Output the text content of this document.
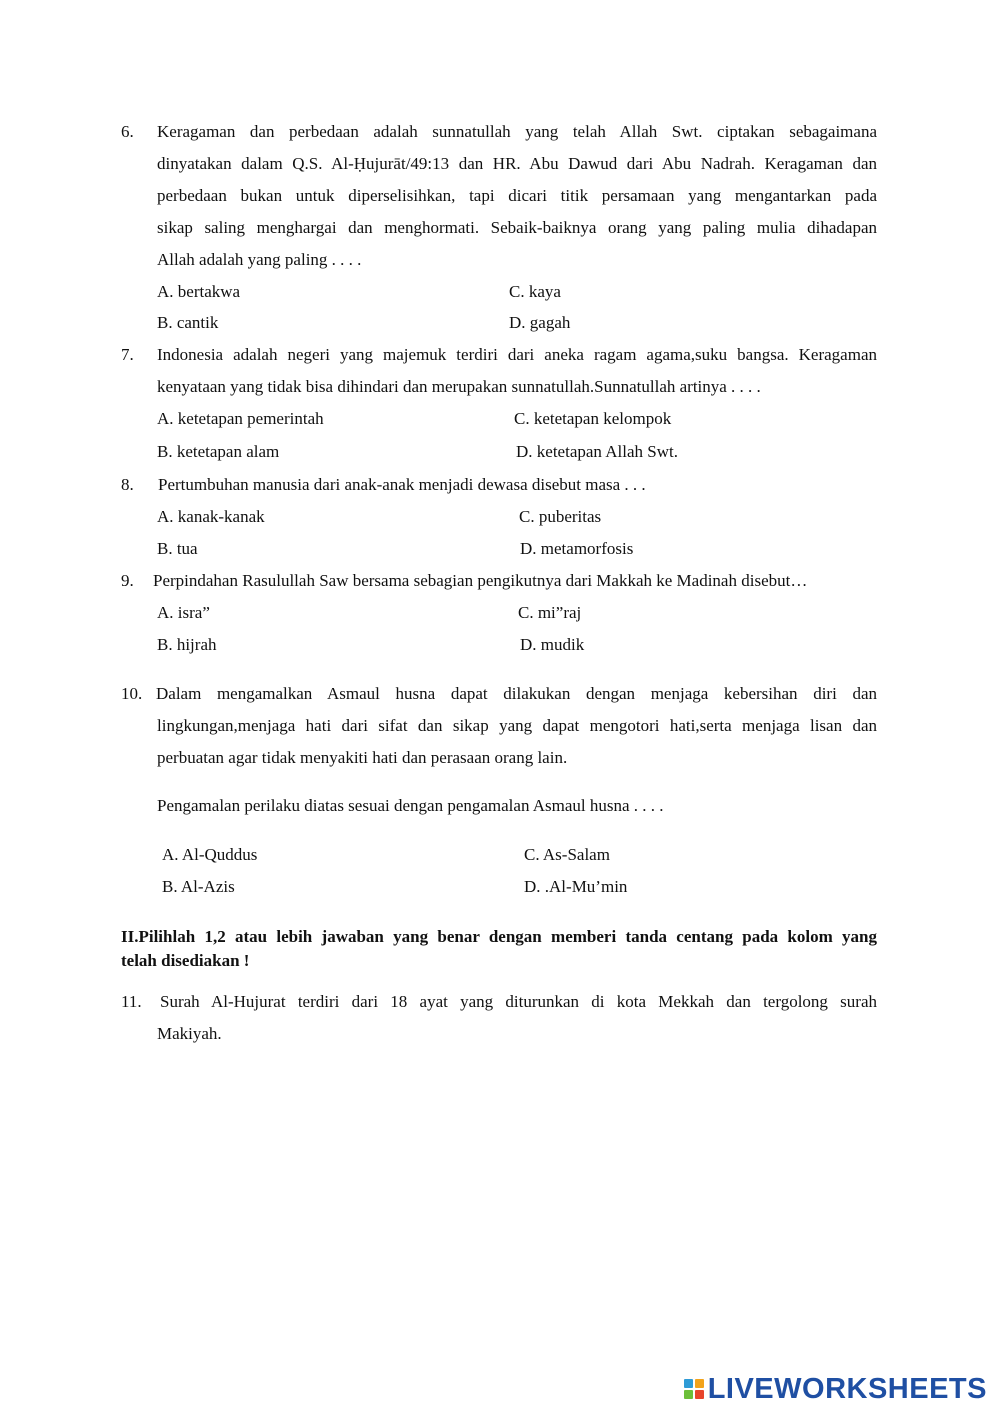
6. Keragaman dan perbedaan adalah sunnatullah yang telah Allah Swt. ciptakan sebagaimana
dinyatakan dalam Q.S. Al-Ḥujurāt/49:13 dan HR. Abu Dawud dari Abu Nadrah. Keragaman dan
perbedaan bukan untuk diperselisihkan, tapi dicari titik persamaan yang mengantarkan pada
sikap saling menghargai dan menghormati. Sebaik-baiknya orang yang paling mulia dihadapan
Allah adalah yang paling . . . .
A. bertakwa	C. kaya
B. cantik	D. gagah
7. Indonesia adalah negeri yang majemuk terdiri dari aneka ragam agama,suku bangsa. Keragaman
kenyataan yang tidak bisa dihindari dan merupakan sunnatullah.Sunnatullah artinya . . . .
A. ketetapan pemerintah	C. ketetapan kelompok
B. ketetapan alam	D. ketetapan Allah Swt.
8. Pertumbuhan manusia dari anak-anak menjadi dewasa disebut masa . . .
A. kanak-kanak	C. puberitas
B. tua	D. metamorfosis
9. Perpindahan Rasulullah Saw bersama sebagian pengikutnya dari Makkah ke Madinah disebut…
A. isra”	C. mi”raj
B. hijrah	D. mudik
10. Dalam mengamalkan Asmaul husna dapat dilakukan dengan menjaga kebersihan diri dan
lingkungan,menjaga hati dari sifat dan sikap yang dapat mengotori hati,serta menjaga lisan dan
perbuatan agar tidak menyakiti hati dan perasaan orang lain.
Pengamalan perilaku diatas sesuai dengan pengamalan Asmaul husna . . . .
A. Al-Quddus	C. As-Salam
B. Al-Azis	D. .Al-Mu’min
II.Pilihlah 1,2 atau lebih jawaban yang benar dengan memberi tanda centang pada kolom yang
telah disediakan !
11. Surah Al-Hujurat terdiri dari 18 ayat yang diturunkan di kota Mekkah dan tergolong surah
Makiyah.
LIVEWORKSHEETS
